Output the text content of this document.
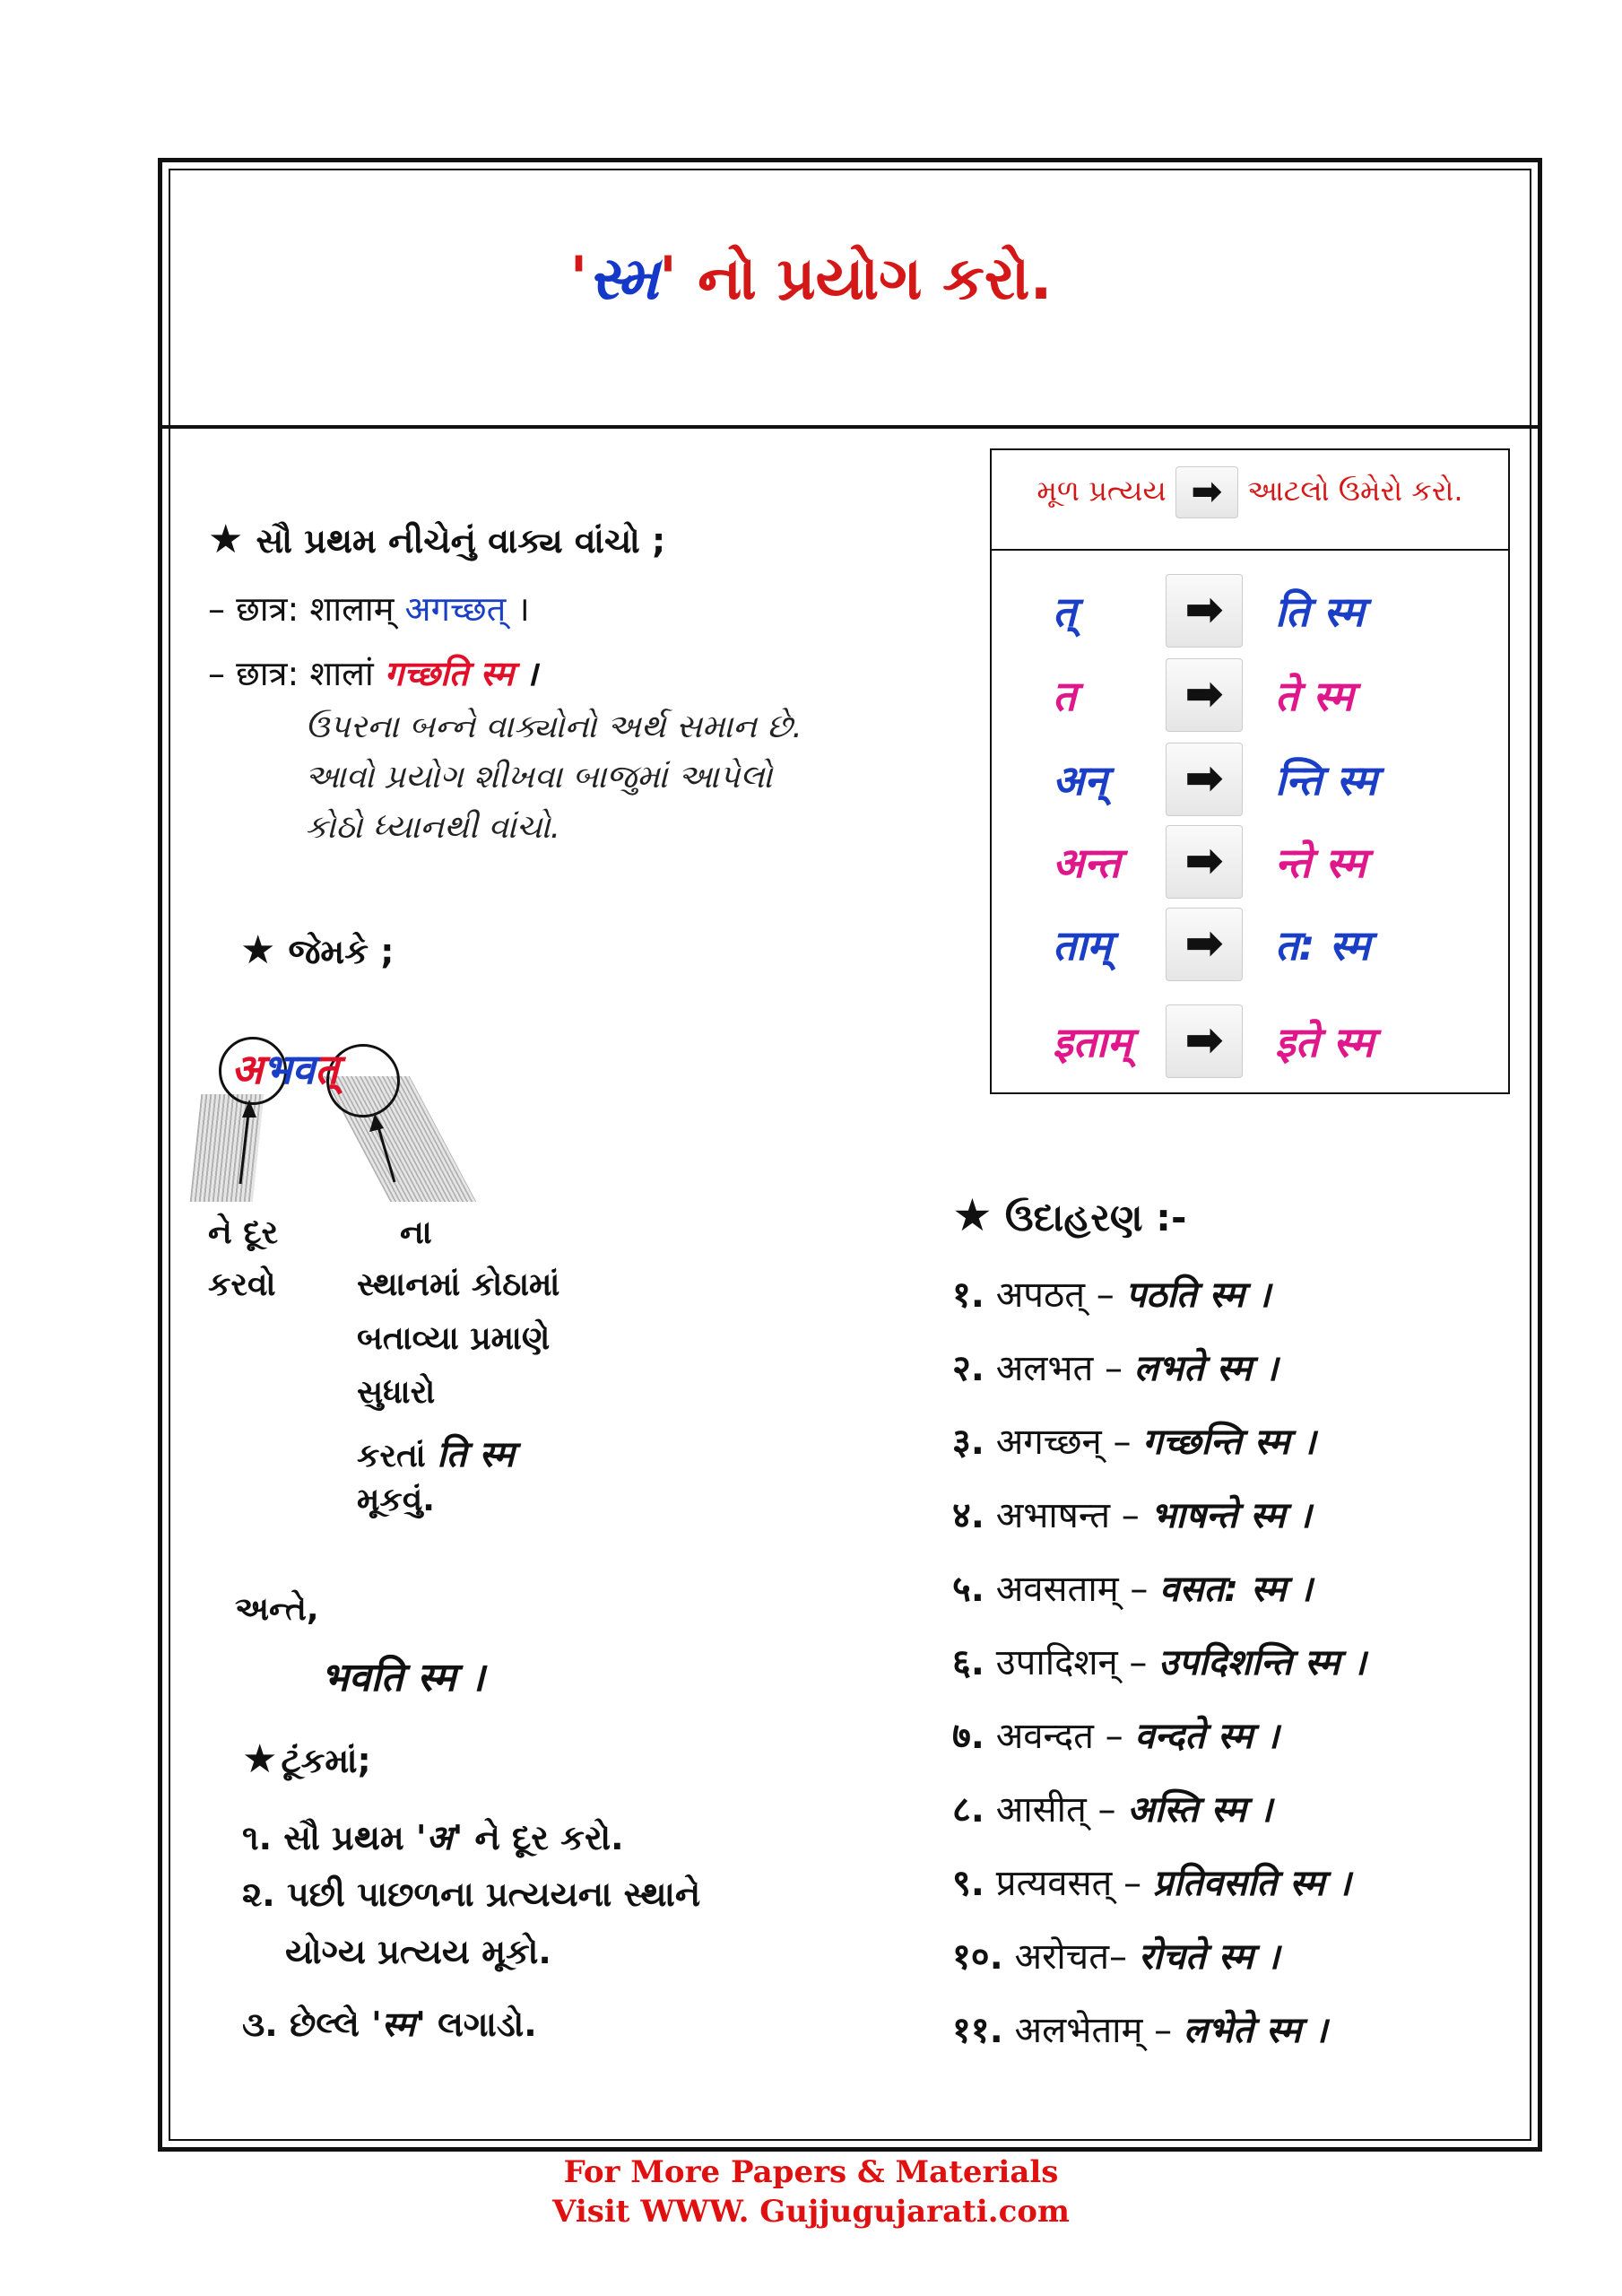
'સ્મ' નો પ્રયોગ કરો.
મૂળ પ્રત્યય ➡ આટલો ઉમેરો કરો.
त्	➡	ति स्म
त	➡	ते स्म
अन्	➡	न्ति स्म
अन्त	➡	न्ते स्म
ताम्	➡	त: स्म
इताम्	➡	इते स्म
★ સૌ પ્રથમ નીચેનું વાક્ય વાંચો ;
– छात्र: शालाम् अगच्छत् ।
– छात्र: शालां गच्छति स्म ।
ઉપરના બન્ને વાક્યોનો અર્થ સમાન છે.
આવો પ્રયોગ શીખવા બાજુમાં આપેલો
કોઠો ધ્યાનથી વાંચો.
★ જેમકે ;
अभवत्
ને દૂર
કરવો
ના
સ્થાનમાં કોઠામાં
બતાવ્યા પ્રમાણે
સુધારો
કરતાં ति स्म
મૂકવું.
અન્તે,
भवति स्म ।
★ ટૂંકમાં;
૧. સૌ પ્રથમ 'अ' ને દૂર કરો.
૨. પછી પાછળના પ્રત્યયના સ્થાને
યોગ્ય પ્રત્યય મૂકો.
૩. છેલ્લે 'स्म' લગાડો.
★ ઉદાહરણ :-
१. अपठत् – पठति स्म ।
२. अलभत – लभते स्म ।
३. अगच्छन् – गच्छन्ति स्म ।
४. अभाषन्त – भाषन्ते स्म ।
५. अवसताम् – वसत: स्म ।
६. उपादिशन् – उपदिशन्ति स्म ।
७. अवन्दत – वन्दते स्म ।
८. आसीत् – अस्ति स्म ।
९. प्रत्यवसत् – प्रतिवसति स्म ।
१०. अरोचत– रोचते स्म ।
११. अलभेताम् – लभेते स्म ।
For More Papers & Materials
Visit WWW. Gujjugujarati.com
